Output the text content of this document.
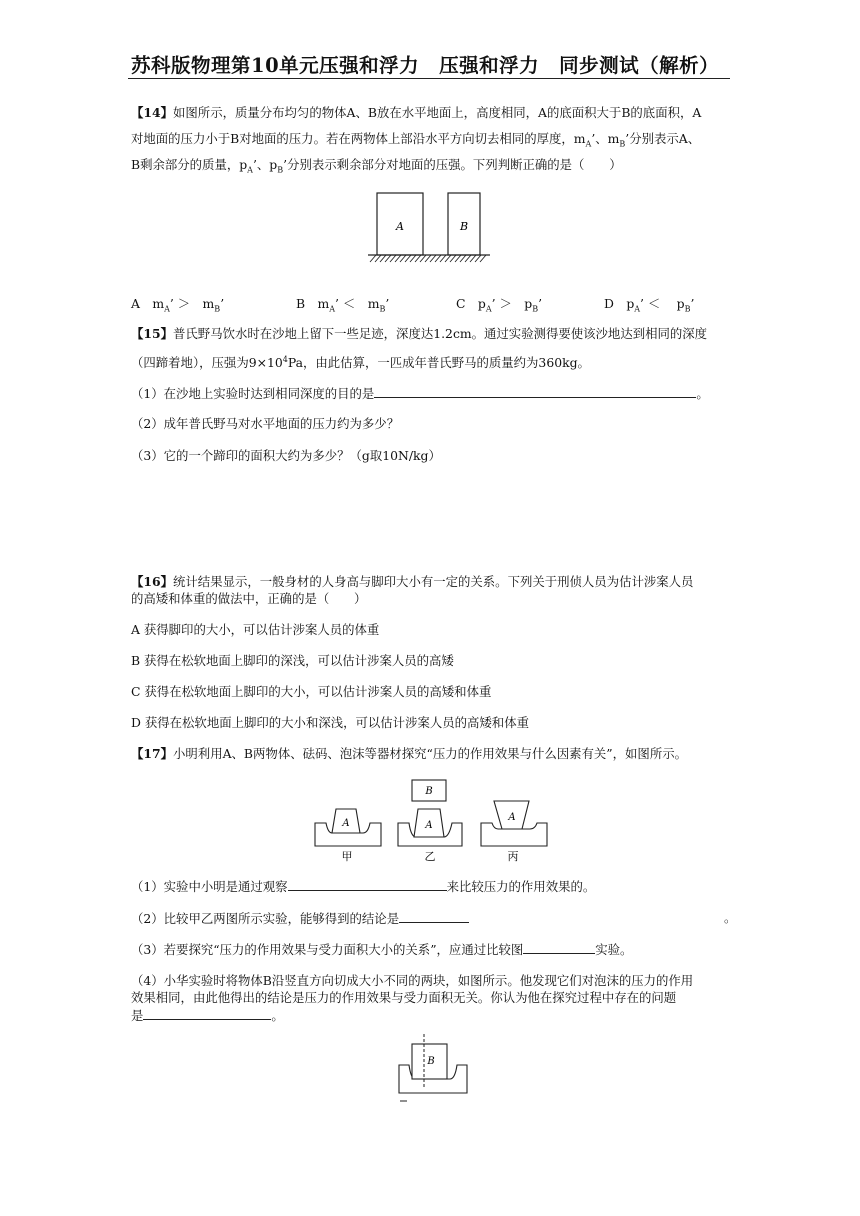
苏科版物理第10单元压强和浮力　压强和浮力　同步测试（解析）
【14】如图所示，质量分布均匀的物体A、B放在水平地面上，高度相同，A的底面积大于B的底面积，A
对地面的压力小于B对地面的压力。若在两物体上部沿水平方向切去相同的厚度，$m_A$’、$m_B$’分别表示A、
B剩余部分的质量，$p_A$’、$p_B$’分别表示剩余部分对地面的压强。下列判断正确的是（　　）
A	B
A　$m_A$’ ＞　$m_B$’	B　$m_A$’ ＜　$m_B$’	C　$p_A$’ ＞　$p_B$’	D　$p_A$’ ＜　 $p_B$’
【15】普氏野马饮水时在沙地上留下一些足迹，深度达1.2cm。通过实验测得要使该沙地达到相同的深度
（四蹄着地），压强为$9\times 10^4Pa$，由此估算，一匹成年普氏野马的质量约为360kg。
（1）在沙地上实验时达到相同深度的目的是	。
（2）成年普氏野马对水平地面的压力约为多少？
（3）它的一个蹄印的面积大约为多少？（g取10N/kg）
【16】统计结果显示，一般身材的人身高与脚印大小有一定的关系。下列关于刑侦人员为估计涉案人员
的高矮和体重的做法中，正确的是（　　）
A 获得脚印的大小，可以估计涉案人员的体重
B 获得在松软地面上脚印的深浅，可以估计涉案人员的高矮
C 获得在松软地面上脚印的大小，可以估计涉案人员的高矮和体重
D 获得在松软地面上脚印的大小和深浅，可以估计涉案人员的高矮和体重
【17】小明利用A、B两物体、砝码、泡沫等器材探究“压力的作用效果与什么因素有关”，如图所示。
A
甲
A
B
乙
A
丙
（1）实验中小明是通过观察	来比较压力的作用效果的。
（2）比较甲乙两图所示实验，能够得到的结论是	。
（3）若要探究“压力的作用效果与受力面积大小的关系”，应通过比较图	实验。
（4）小华实验时将物体B沿竖直方向切成大小不同的两块，如图所示。他发现它们对泡沫的压力的作用
效果相同，由此他得出的结论是压力的作用效果与受力面积无关。你认为他在探究过程中存在的问题
是	。
B
